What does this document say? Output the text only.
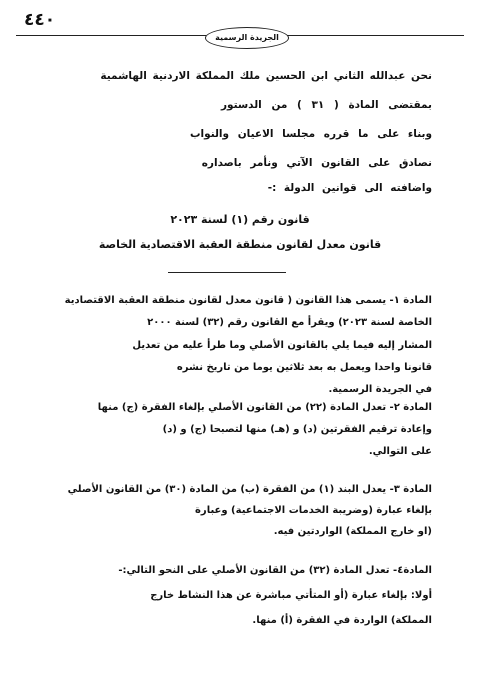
٤٤٠
الجريدة الرسمية
نحن عبدالله الثاني ابن الحسين ملك المملكة الاردنية الهاشمية
بمقتضى المادة ( ٣١ ) من الدستور
وبناء على ما قرره مجلسا الاعيان والنواب
نصادق على القانون الآتي ونأمر باصداره
واضافته الى قوانين الدولة :-
قانون رقم (١) لسنة ٢٠٢٣
قانون معدل لقانون منطقة العقبة الاقتصادية الخاصة
المادة ١- يسمى هذا القانون ( قانون معدل لقانون منطقة العقبة الاقتصادية
الخاصة لسنة ٢٠٢٣) ويقرأ مع القانون رقم (٣٢) لسنة ٢٠٠٠
المشار إليه فيما يلي بالقانون الأصلي وما طرأ عليه من تعديل
قانونا واحدا ويعمل به بعد ثلاثين يوما من تاريخ نشره
في الجريدة الرسمية.
المادة ٢- تعدل المادة (٢٢) من القانون الأصلي بإلغاء الفقرة (ج) منها
وإعادة ترقيم الفقرتين (د) و (هـ) منها لتصبحا (ج) و (د)
على التوالي.
المادة ٣- يعدل البند (١) من الفقرة (ب) من المادة (٣٠) من القانون الأصلي
بإلغاء عبارة (وضريبة الخدمات الاجتماعية) وعبارة
(او خارج المملكة) الواردتين فيه.
المادة٤- تعدل المادة (٣٢) من القانون الأصلي على النحو التالي:-
أولا: بإلغاء عبارة (أو المتأتي مباشرة عن هذا النشاط خارج
المملكة) الواردة في الفقرة (أ) منها.
